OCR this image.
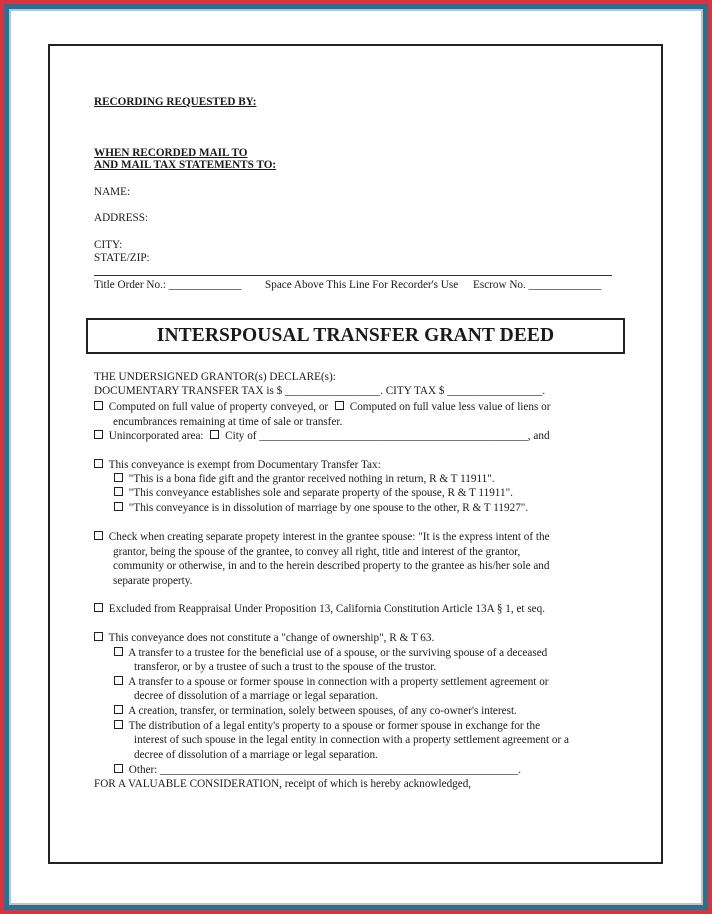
RECORDING REQUESTED BY:
WHEN RECORDED MAIL TO
AND MAIL TAX STATEMENTS TO:
NAME:
ADDRESS:
CITY:
STATE/ZIP:
Title Order No.: _____________ Space Above This Line For Recorder's Use Escrow No. _____________
INTERSPOUSAL TRANSFER GRANT DEED
THE UNDERSIGNED GRANTOR(s) DECLARE(s):
DOCUMENTARY TRANSFER TAX is $ _________________. CITY TAX $ _________________.
Computed on full value of property conveyed, or Computed on full value less value of liens or
encumbrances remaining at time of sale or transfer.
Unincorporated area: City of ________________________________________________, and
This conveyance is exempt from Documentary Transfer Tax:
"This is a bona fide gift and the grantor received nothing in return, R & T 11911".
"This conveyance establishes sole and separate property of the spouse, R & T 11911".
"This conveyance is in dissolution of marriage by one spouse to the other, R & T 11927".
Check when creating separate propety interest in the grantee spouse: "It is the express intent of the
grantor, being the spouse of the grantee, to convey all right, title and interest of the grantor,
community or otherwise, in and to the herein described property to the grantee as his/her sole and
separate property.
Excluded from Reappraisal Under Proposition 13, California Constitution Article 13A § 1, et seq.
This conveyance does not constitute a "change of ownership", R & T 63.
A transfer to a trustee for the beneficial use of a spouse, or the surviving spouse of a deceased
transferor, or by a trustee of such a trust to the spouse of the trustor.
A transfer to a spouse or former spouse in connection with a property settlement agreement or
decree of dissolution of a marriage or legal separation.
A creation, transfer, or termination, solely between spouses, of any co-owner's interest.
The distribution of a legal entity's property to a spouse or former spouse in exchange for the
interest of such spouse in the legal entity in connection with a property settlement agreement or a
decree of dissolution of a marriage or legal separation.
Other: ________________________________________________________________.
FOR A VALUABLE CONSIDERATION, receipt of which is hereby acknowledged,
